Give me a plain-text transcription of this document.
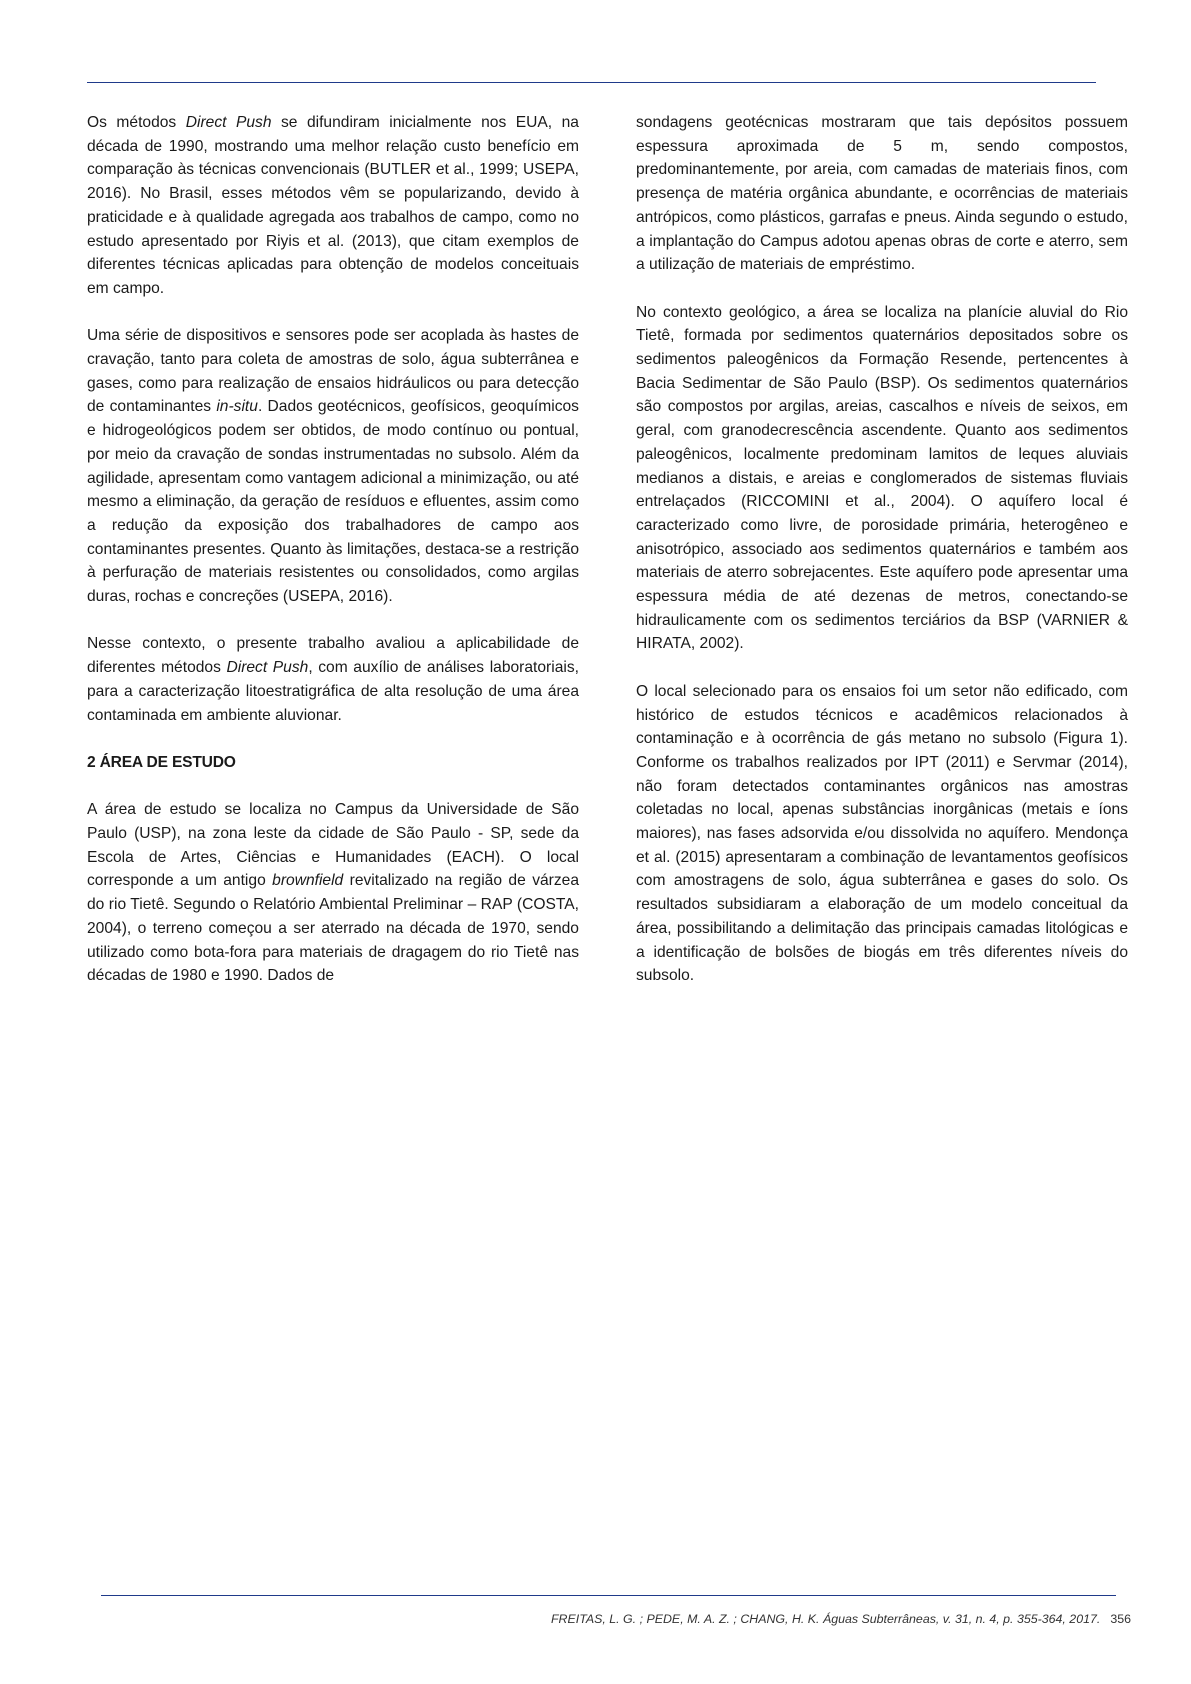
Os métodos Direct Push se difundiram inicialmente nos EUA, na década de 1990, mostrando uma melhor relação custo benefício em comparação às técnicas convencionais (BUTLER et al., 1999; USEPA, 2016). No Brasil, esses métodos vêm se popularizando, devido à praticidade e à qualidade agregada aos trabalhos de campo, como no estudo apresentado por Riyis et al. (2013), que citam exemplos de diferentes técnicas aplicadas para obtenção de modelos conceituais em campo.

Uma série de dispositivos e sensores pode ser acoplada às hastes de cravação, tanto para coleta de amostras de solo, água subterrânea e gases, como para realização de ensaios hidráulicos ou para detecção de contaminantes in-situ. Dados geotécnicos, geofísicos, geoquímicos e hidrogeológicos podem ser obtidos, de modo contínuo ou pontual, por meio da cravação de sondas instrumentadas no subsolo. Além da agilidade, apresentam como vantagem adicional a minimização, ou até mesmo a eliminação, da geração de resíduos e efluentes, assim como a redução da exposição dos trabalhadores de campo aos contaminantes presentes. Quanto às limitações, destaca-se a restrição à perfuração de materiais resistentes ou consolidados, como argilas duras, rochas e concreções (USEPA, 2016).

Nesse contexto, o presente trabalho avaliou a aplicabilidade de diferentes métodos Direct Push, com auxílio de análises laboratoriais, para a caracterização litoestratigráfica de alta resolução de uma área contaminada em ambiente aluvionar.

2 ÁREA DE ESTUDO

A área de estudo se localiza no Campus da Universidade de São Paulo (USP), na zona leste da cidade de São Paulo - SP, sede da Escola de Artes, Ciências e Humanidades (EACH). O local corresponde a um antigo brownfield revitalizado na região de várzea do rio Tietê. Segundo o Relatório Ambiental Preliminar – RAP (COSTA, 2004), o terreno começou a ser aterrado na década de 1970, sendo utilizado como bota-fora para materiais de dragagem do rio Tietê nas décadas de 1980 e 1990. Dados de

sondagens geotécnicas mostraram que tais depósitos possuem espessura aproximada de 5 m, sendo compostos, predominantemente, por areia, com camadas de materiais finos, com presença de matéria orgânica abundante, e ocorrências de materiais antrópicos, como plásticos, garrafas e pneus. Ainda segundo o estudo, a implantação do Campus adotou apenas obras de corte e aterro, sem a utilização de materiais de empréstimo.

No contexto geológico, a área se localiza na planície aluvial do Rio Tietê, formada por sedimentos quaternários depositados sobre os sedimentos paleogênicos da Formação Resende, pertencentes à Bacia Sedimentar de São Paulo (BSP). Os sedimentos quaternários são compostos por argilas, areias, cascalhos e níveis de seixos, em geral, com granodecrescência ascendente. Quanto aos sedimentos paleogênicos, localmente predominam lamitos de leques aluviais medianos a distais, e areias e conglomerados de sistemas fluviais entrelaçados (RICCOMINI et al., 2004). O aquífero local é caracterizado como livre, de porosidade primária, heterogêneo e anisotrópico, associado aos sedimentos quaternários e também aos materiais de aterro sobrejacentes. Este aquífero pode apresentar uma espessura média de até dezenas de metros, conectando-se hidraulicamente com os sedimentos terciários da BSP (VARNIER & HIRATA, 2002).

O local selecionado para os ensaios foi um setor não edificado, com histórico de estudos técnicos e acadêmicos relacionados à contaminação e à ocorrência de gás metano no subsolo (Figura 1). Conforme os trabalhos realizados por IPT (2011) e Servmar (2014), não foram detectados contaminantes orgânicos nas amostras coletadas no local, apenas substâncias inorgânicas (metais e íons maiores), nas fases adsorvida e/ou dissolvida no aquífero. Mendonça et al. (2015) apresentaram a combinação de levantamentos geofísicos com amostragens de solo, água subterrânea e gases do solo. Os resultados subsidiaram a elaboração de um modelo conceitual da área, possibilitando a delimitação das principais camadas litológicas e a identificação de bolsões de biogás em três diferentes níveis do subsolo.

FREITAS, L. G. ; PEDE, M. A. Z. ; CHANG, H. K. Águas Subterrâneas, v. 31, n. 4, p. 355-364, 2017. 356
